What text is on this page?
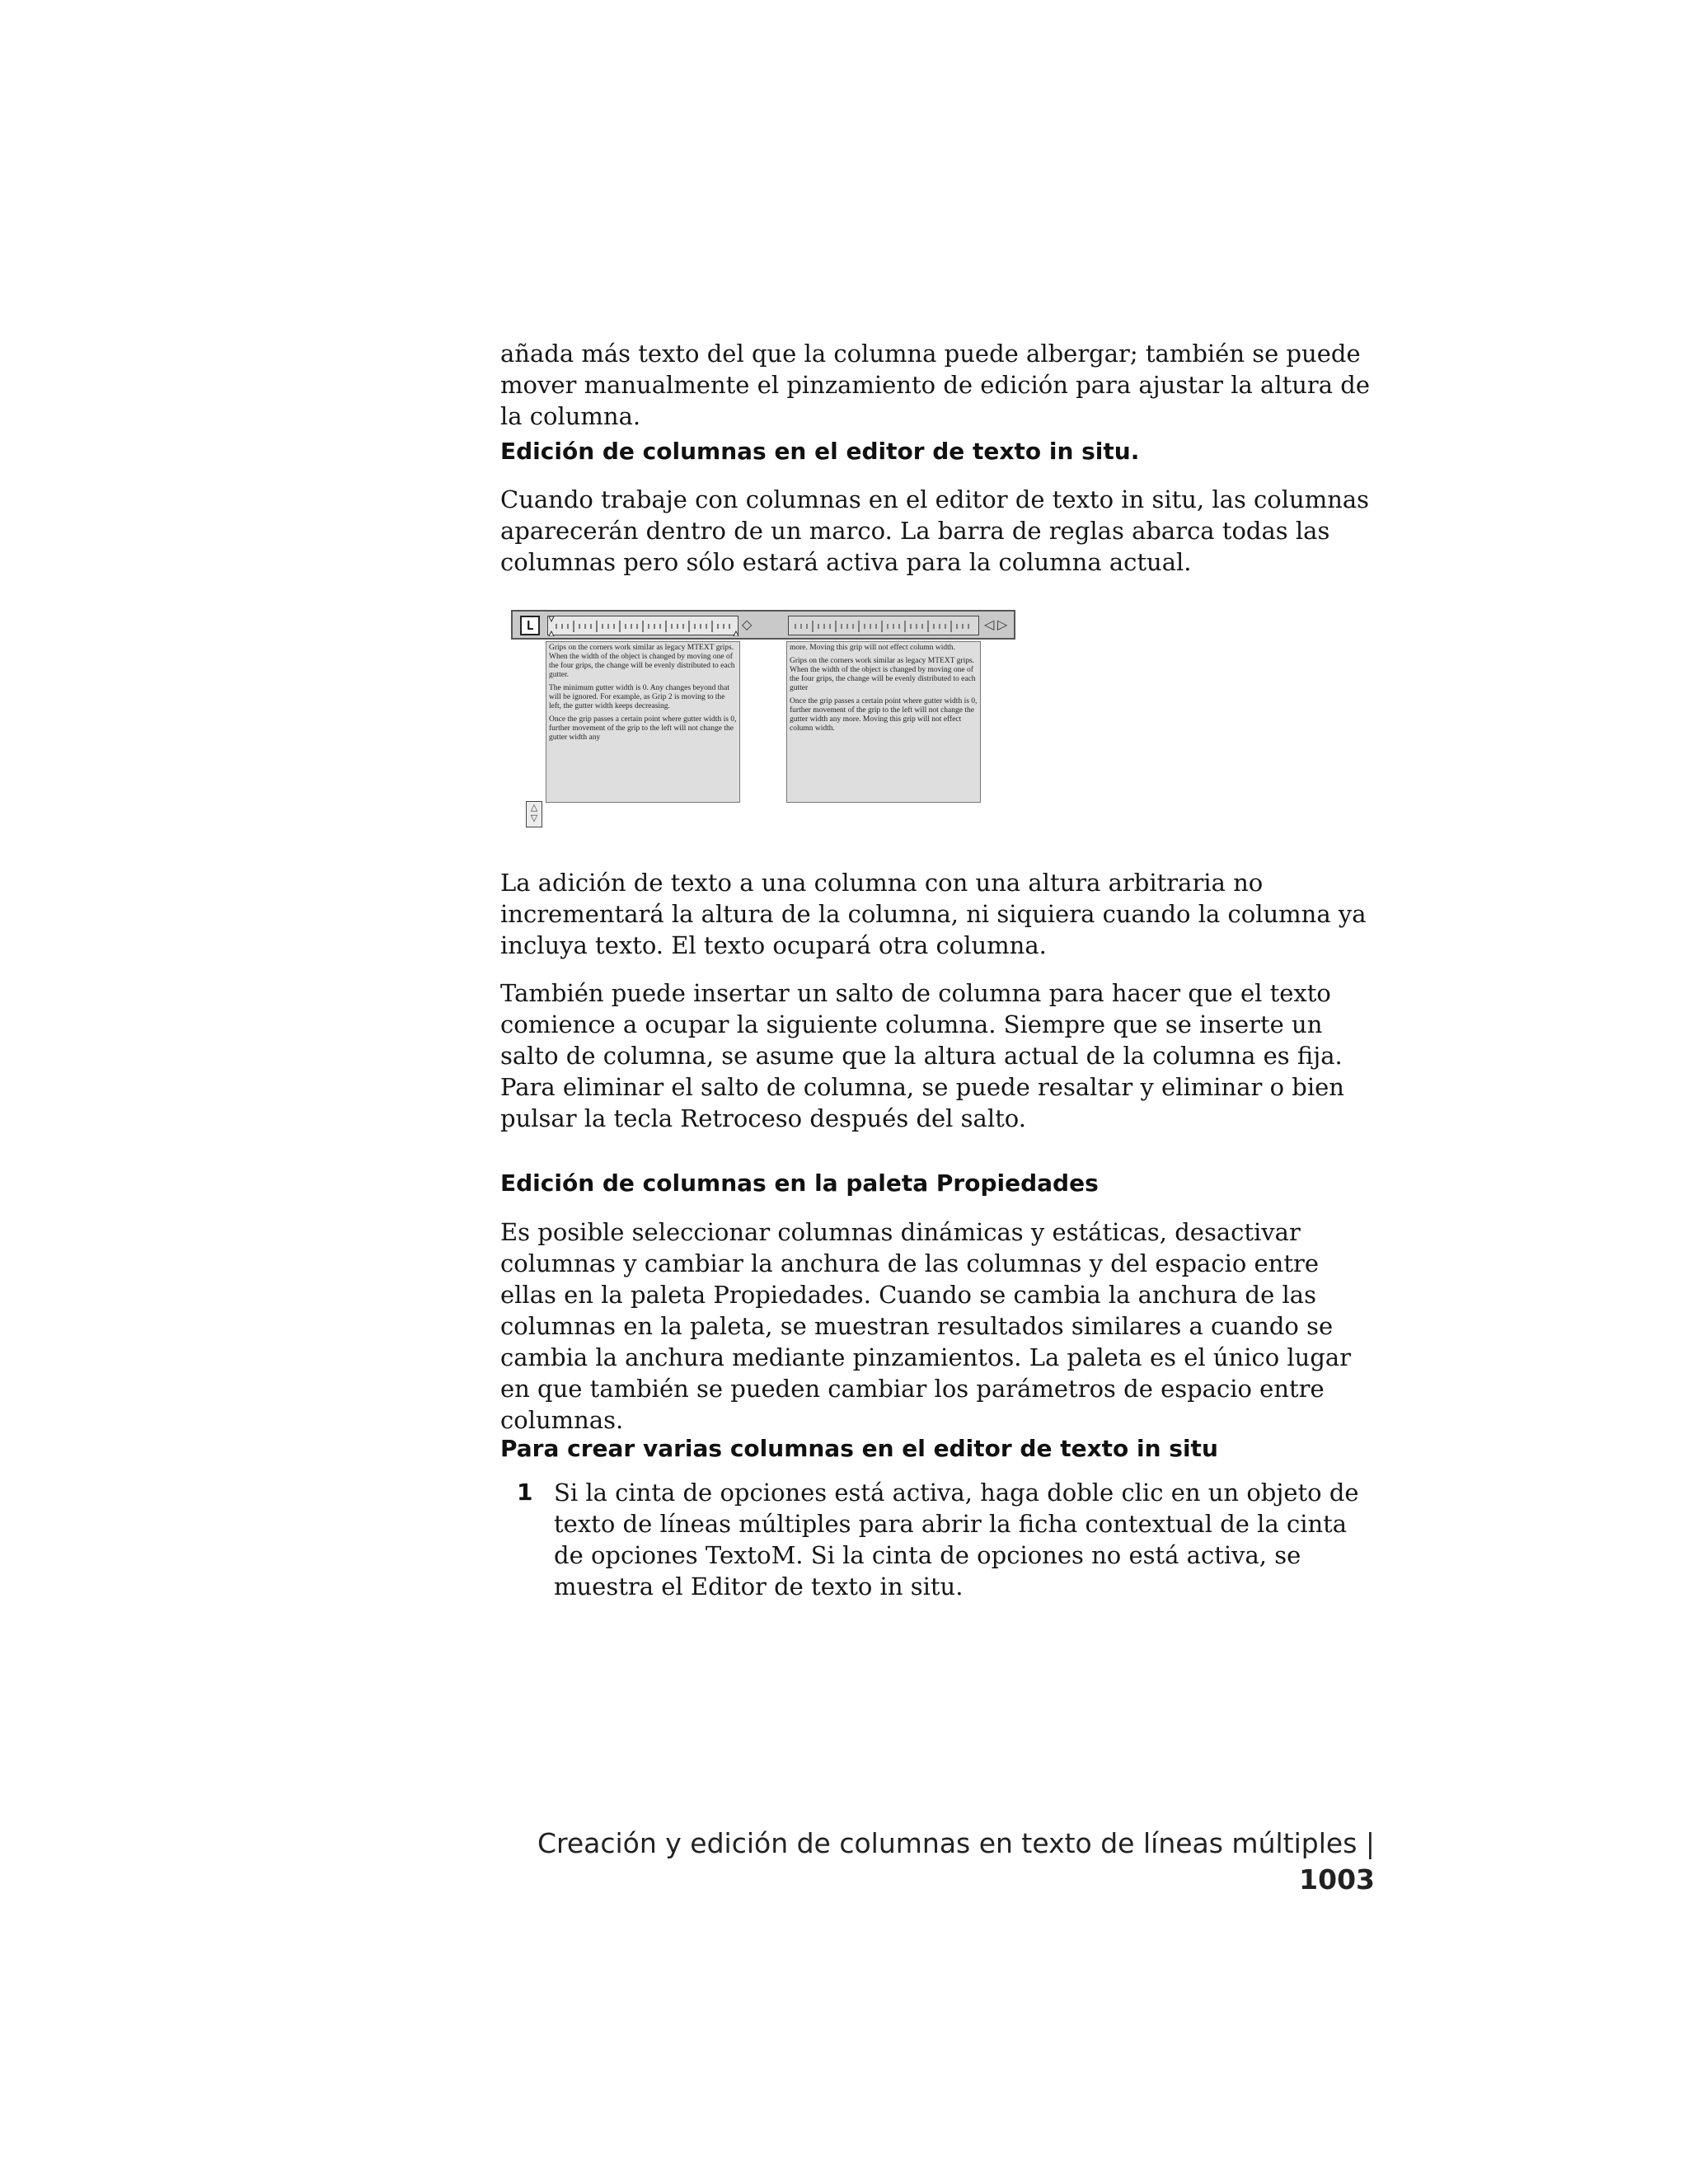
añada más texto del que la columna puede albergar; también se puede mover manualmente el pinzamiento de edición para ajustar la altura de la columna.
Edición de columnas en el editor de texto in situ.
Cuando trabaje con columnas en el editor de texto in situ, las columnas aparecerán dentro de un marco. La barra de reglas abarca todas las columnas pero sólo estará activa para la columna actual.
L	◇	◁ ▷

Grips on the corners work similar as legacy MTEXT grips. When the width of the object is changed by moving one of the four grips, the change will be evenly distributed to each gutter.

The minimum gutter width is 0. Any changes beyond that will be ignored. For example, as Grip 2 is moving to the left, the gutter width keeps decreasing.

Once the grip passes a certain point where gutter width is 0, further movement of the grip to the left will not change the gutter width any

more. Moving this grip will not effect column width.

Grips on the corners work similar as legacy MTEXT grips. When the width of the object is changed by moving one of the four grips, the change will be evenly distributed to each gutter

Once the grip passes a certain point where gutter width is 0, further movement of the grip to the left will not change the gutter width any more. Moving this grip will not effect column width.

△
▽
La adición de texto a una columna con una altura arbitraria no incrementará la altura de la columna, ni siquiera cuando la columna ya incluya texto. El texto ocupará otra columna.
También puede insertar un salto de columna para hacer que el texto comience a ocupar la siguiente columna. Siempre que se inserte un salto de columna, se asume que la altura actual de la columna es fija. Para eliminar el salto de columna, se puede resaltar y eliminar o bien pulsar la tecla Retroceso después del salto.
Edición de columnas en la paleta Propiedades
Es posible seleccionar columnas dinámicas y estáticas, desactivar columnas y cambiar la anchura de las columnas y del espacio entre ellas en la paleta Propiedades. Cuando se cambia la anchura de las columnas en la paleta, se muestran resultados similares a cuando se cambia la anchura mediante pinzamientos. La paleta es el único lugar en que también se pueden cambiar los parámetros de espacio entre columnas.
Para crear varias columnas en el editor de texto in situ
1 Si la cinta de opciones está activa, haga doble clic en un objeto de texto de líneas múltiples para abrir la ficha contextual de la cinta de opciones TextoM. Si la cinta de opciones no está activa, se muestra el Editor de texto in situ.
Creación y edición de columnas en texto de líneas múltiples | 1003
